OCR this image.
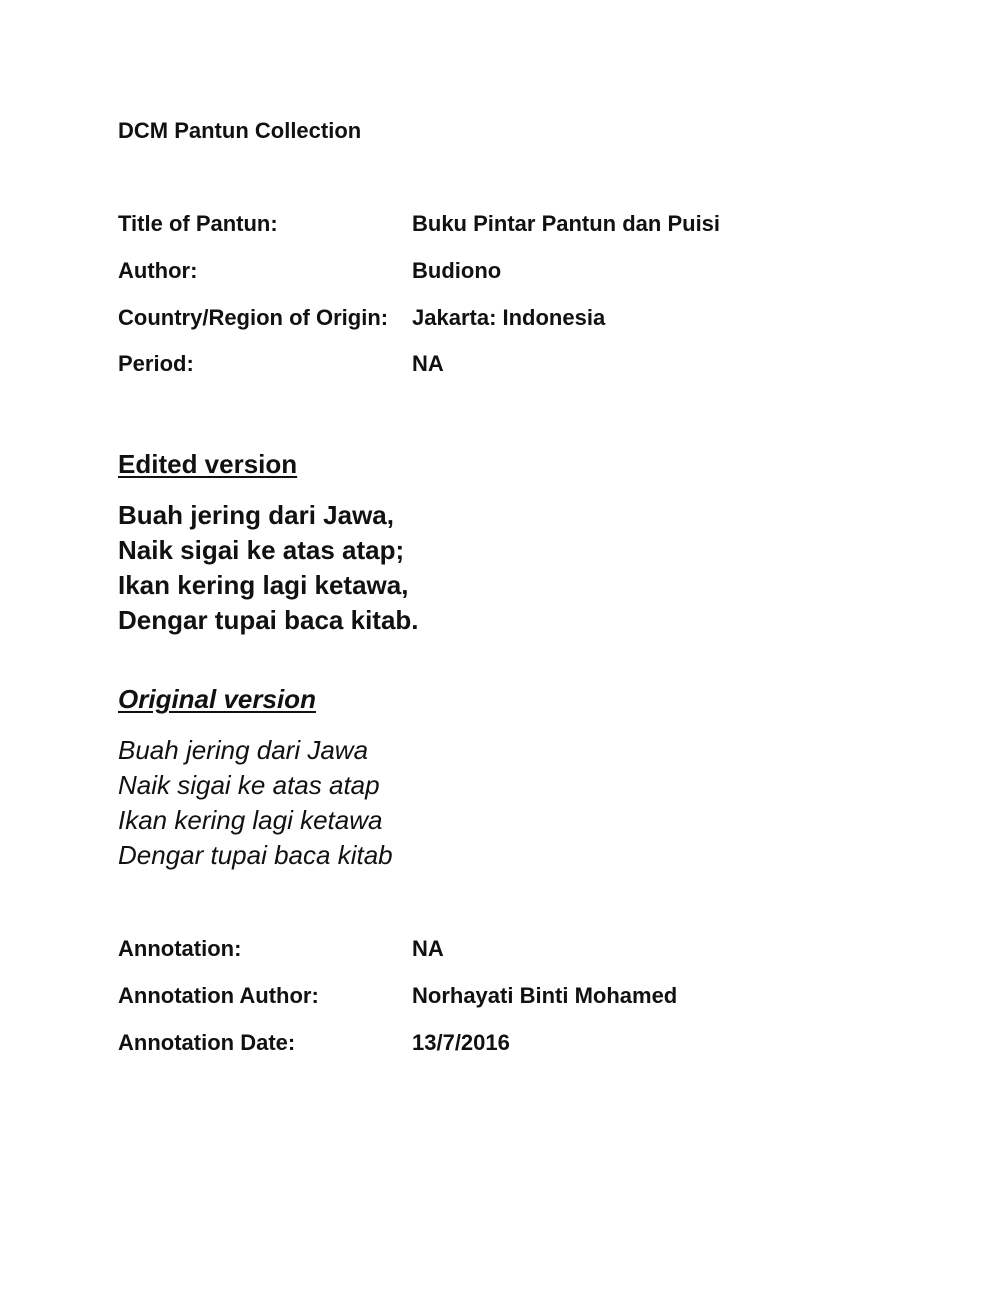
DCM Pantun Collection
Title of Pantun:	Buku Pintar Pantun dan Puisi
Author:	Budiono
Country/Region of Origin: Jakarta: Indonesia
Period:	NA
Edited version
Buah jering dari Jawa,
Naik sigai ke atas atap;
Ikan kering lagi ketawa,
Dengar tupai baca kitab.
Original version
Buah jering dari Jawa
Naik sigai ke atas atap
Ikan kering lagi ketawa
Dengar tupai baca kitab
Annotation:	NA
Annotation Author:	Norhayati Binti Mohamed
Annotation Date:	13/7/2016
